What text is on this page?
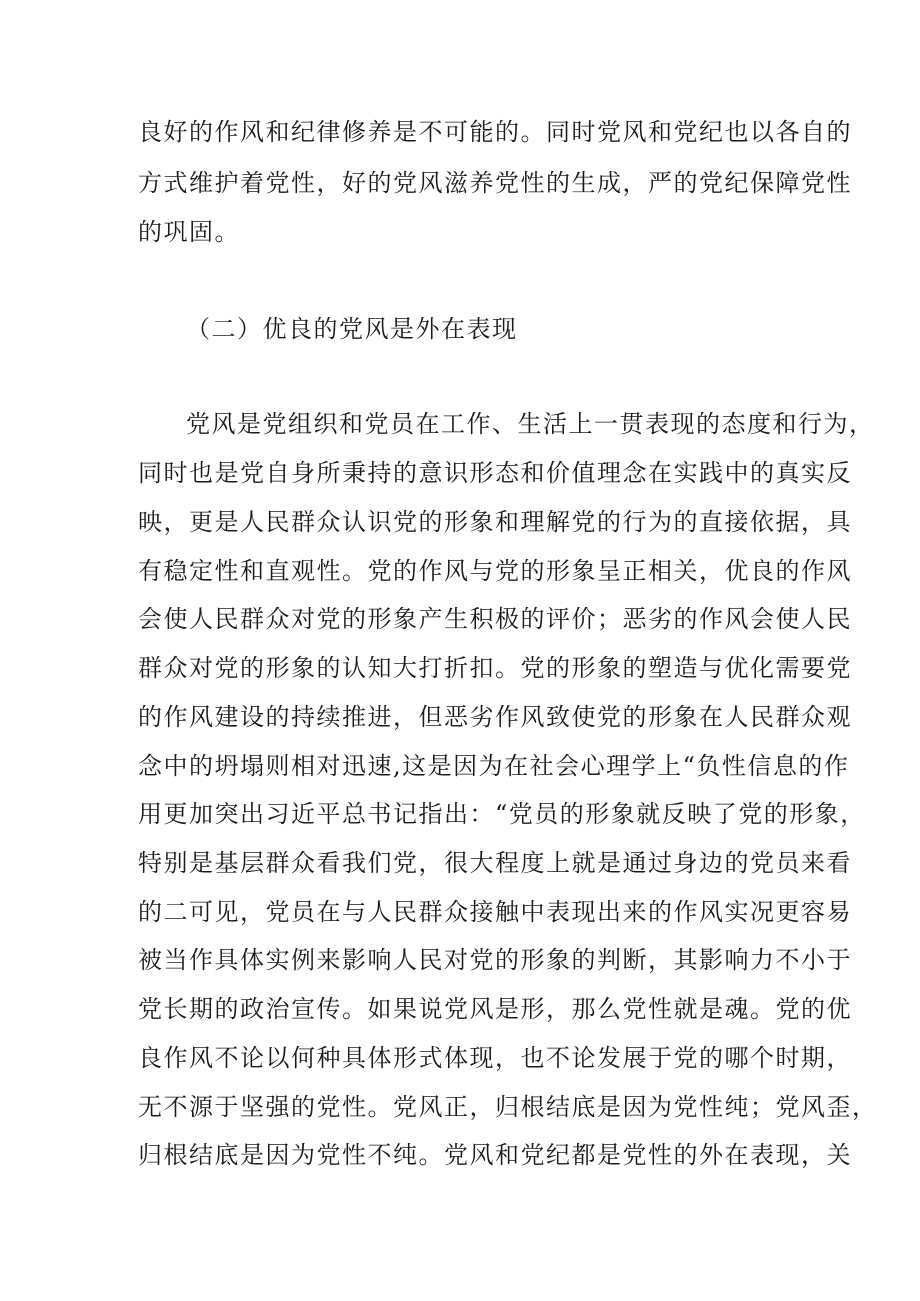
良好的作风和纪律修养是不可能的。同时党风和党纪也以各自的
方式维护着党性，好的党风滋养党性的生成，严的党纪保障党性
的巩固。
（二）优良的党风是外在表现
党风是党组织和党员在工作、生活上一贯表现的态度和行为，
同时也是党自身所秉持的意识形态和价值理念在实践中的真实反
映，更是人民群众认识党的形象和理解党的行为的直接依据，具
有稳定性和直观性。党的作风与党的形象呈正相关，优良的作风
会使人民群众对党的形象产生积极的评价；恶劣的作风会使人民
群众对党的形象的认知大打折扣。党的形象的塑造与优化需要党
的作风建设的持续推进，但恶劣作风致使党的形象在人民群众观
念中的坍塌则相对迅速,这是因为在社会心理学上“负性信息的作
用更加突出习近平总书记指出：“党员的形象就反映了党的形象，
特别是基层群众看我们党，很大程度上就是通过身边的党员来看
的二可见，党员在与人民群众接触中表现出来的作风实况更容易
被当作具体实例来影响人民对党的形象的判断，其影响力不小于
党长期的政治宣传。如果说党风是形，那么党性就是魂。党的优
良作风不论以何种具体形式体现，也不论发展于党的哪个时期，
无不源于坚强的党性。党风正，归根结底是因为党性纯；党风歪，
归根结底是因为党性不纯。党风和党纪都是党性的外在表现，关
